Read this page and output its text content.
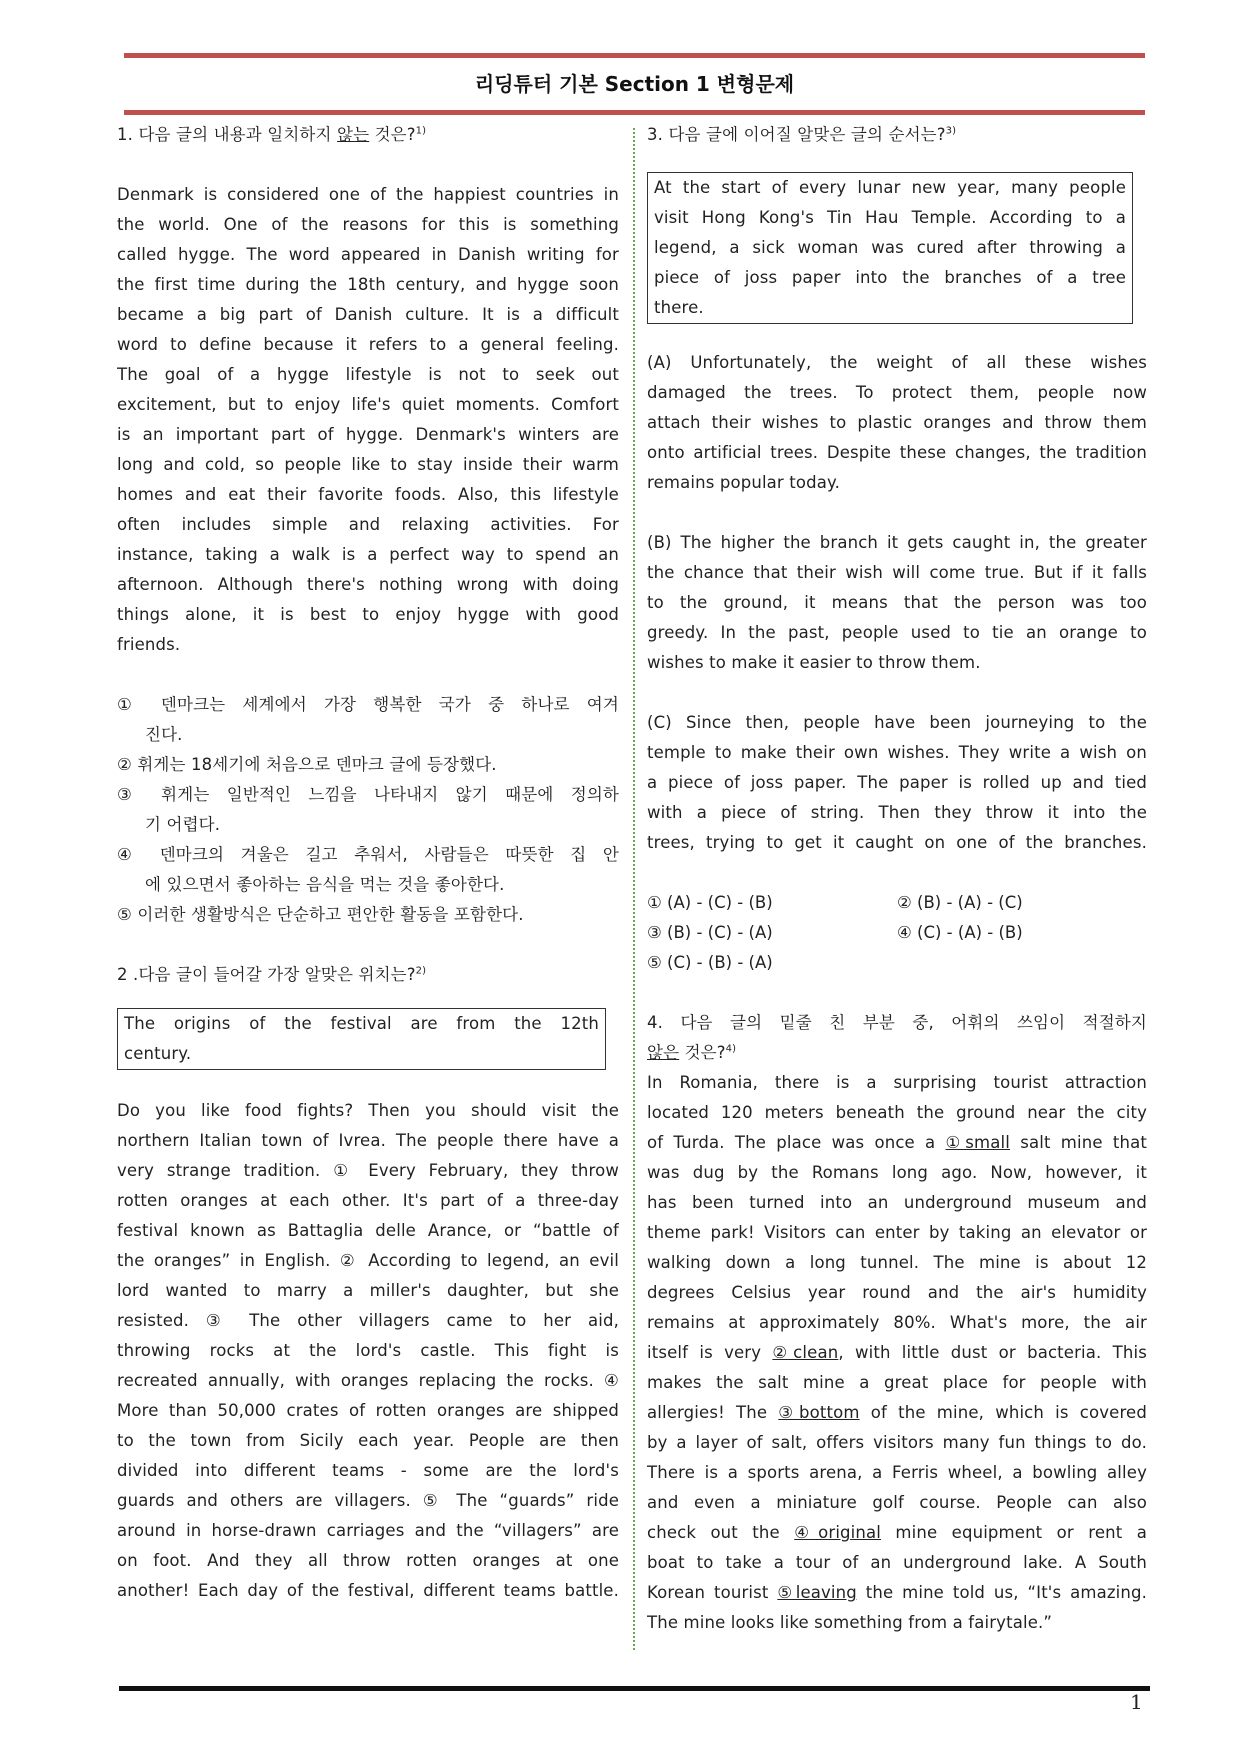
리딩튜터 기본 Section 1 변형문제
1. 다음 글의 내용과 일치하지 않는 것은?$^{1)}$
Denmark is considered one of the happiest countries in
the world. One of the reasons for this is something
called hygge. The word appeared in Danish writing for
the first time during the 18th century, and hygge soon
became a big part of Danish culture. It is a difficult
word to define because it refers to a general feeling.
The goal of a hygge lifestyle is not to seek out
excitement, but to enjoy life's quiet moments. Comfort
is an important part of hygge. Denmark's winters are
long and cold, so people like to stay inside their warm
homes and eat their favorite foods. Also, this lifestyle
often includes simple and relaxing activities. For
instance, taking a walk is a perfect way to spend an
afternoon. Although there's nothing wrong with doing
things alone, it is best to enjoy hygge with good
friends.
① 덴마크는 세계에서 가장 행복한 국가 중 하나로 여겨
진다.
② 휘게는 18세기에 처음으로 덴마크 글에 등장했다.
③ 휘게는 일반적인 느낌을 나타내지 않기 때문에 정의하
기 어렵다.
④ 덴마크의 겨울은 길고 추워서, 사람들은 따뜻한 집 안
에 있으면서 좋아하는 음식을 먹는 것을 좋아한다.
⑤ 이러한 생활방식은 단순하고 편안한 활동을 포함한다.
2 .다음 글이 들어갈 가장 알맞은 위치는?$^{2)}$
The origins of the festival are from the 12th
century.
Do you like food fights? Then you should visit the
northern Italian town of Ivrea. The people there have a
very strange tradition. ① Every February, they throw
rotten oranges at each other. It's part of a three-day
festival known as Battaglia delle Arance, or “battle of
the oranges” in English. ② According to legend, an evil
lord wanted to marry a miller's daughter, but she
resisted. ③ The other villagers came to her aid,
throwing rocks at the lord's castle. This fight is
recreated annually, with oranges replacing the rocks. ④
More than 50,000 crates of rotten oranges are shipped
to the town from Sicily each year. People are then
divided into different teams - some are the lord's
guards and others are villagers. ⑤ The “guards” ride
around in horse-drawn carriages and the “villagers” are
on foot. And they all throw rotten oranges at one
another! Each day of the festival, different teams battle.
3. 다음 글에 이어질 알맞은 글의 순서는?$^{3)}$
At the start of every lunar new year, many people
visit Hong Kong's Tin Hau Temple. According to a
legend, a sick woman was cured after throwing a
piece of joss paper into the branches of a tree
there.
(A) Unfortunately, the weight of all these wishes
damaged the trees. To protect them, people now
attach their wishes to plastic oranges and throw them
onto artificial trees. Despite these changes, the tradition
remains popular today.
(B) The higher the branch it gets caught in, the greater
the chance that their wish will come true. But if it falls
to the ground, it means that the person was too
greedy. In the past, people used to tie an orange to
wishes to make it easier to throw them.
(C) Since then, people have been journeying to the
temple to make their own wishes. They write a wish on
a piece of joss paper. The paper is rolled up and tied
with a piece of string. Then they throw it into the
trees, trying to get it caught on one of the branches.
① (A) - (C) - (B)	② (B) - (A) - (C)
③ (B) - (C) - (A)	④ (C) - (A) - (B)
⑤ (C) - (B) - (A)
4. 다음 글의 밑줄 친 부분 중, 어휘의 쓰임이 적절하지
않은 것은?$^{4)}$
In Romania, there is a surprising tourist attraction
located 120 meters beneath the ground near the city
of Turda. The place was once a ①small salt mine that
was dug by the Romans long ago. Now, however, it
has been turned into an underground museum and
theme park! Visitors can enter by taking an elevator or
walking down a long tunnel. The mine is about 12
degrees Celsius year round and the air's humidity
remains at approximately 80%. What's more, the air
itself is very ②clean, with little dust or bacteria. This
makes the salt mine a great place for people with
allergies! The ③bottom of the mine, which is covered
by a layer of salt, offers visitors many fun things to do.
There is a sports arena, a Ferris wheel, a bowling alley
and even a miniature golf course. People can also
check out the ④original mine equipment or rent a
boat to take a tour of an underground lake. A South
Korean tourist ⑤leaving the mine told us, “It's amazing.
The mine looks like something from a fairytale.”
1
